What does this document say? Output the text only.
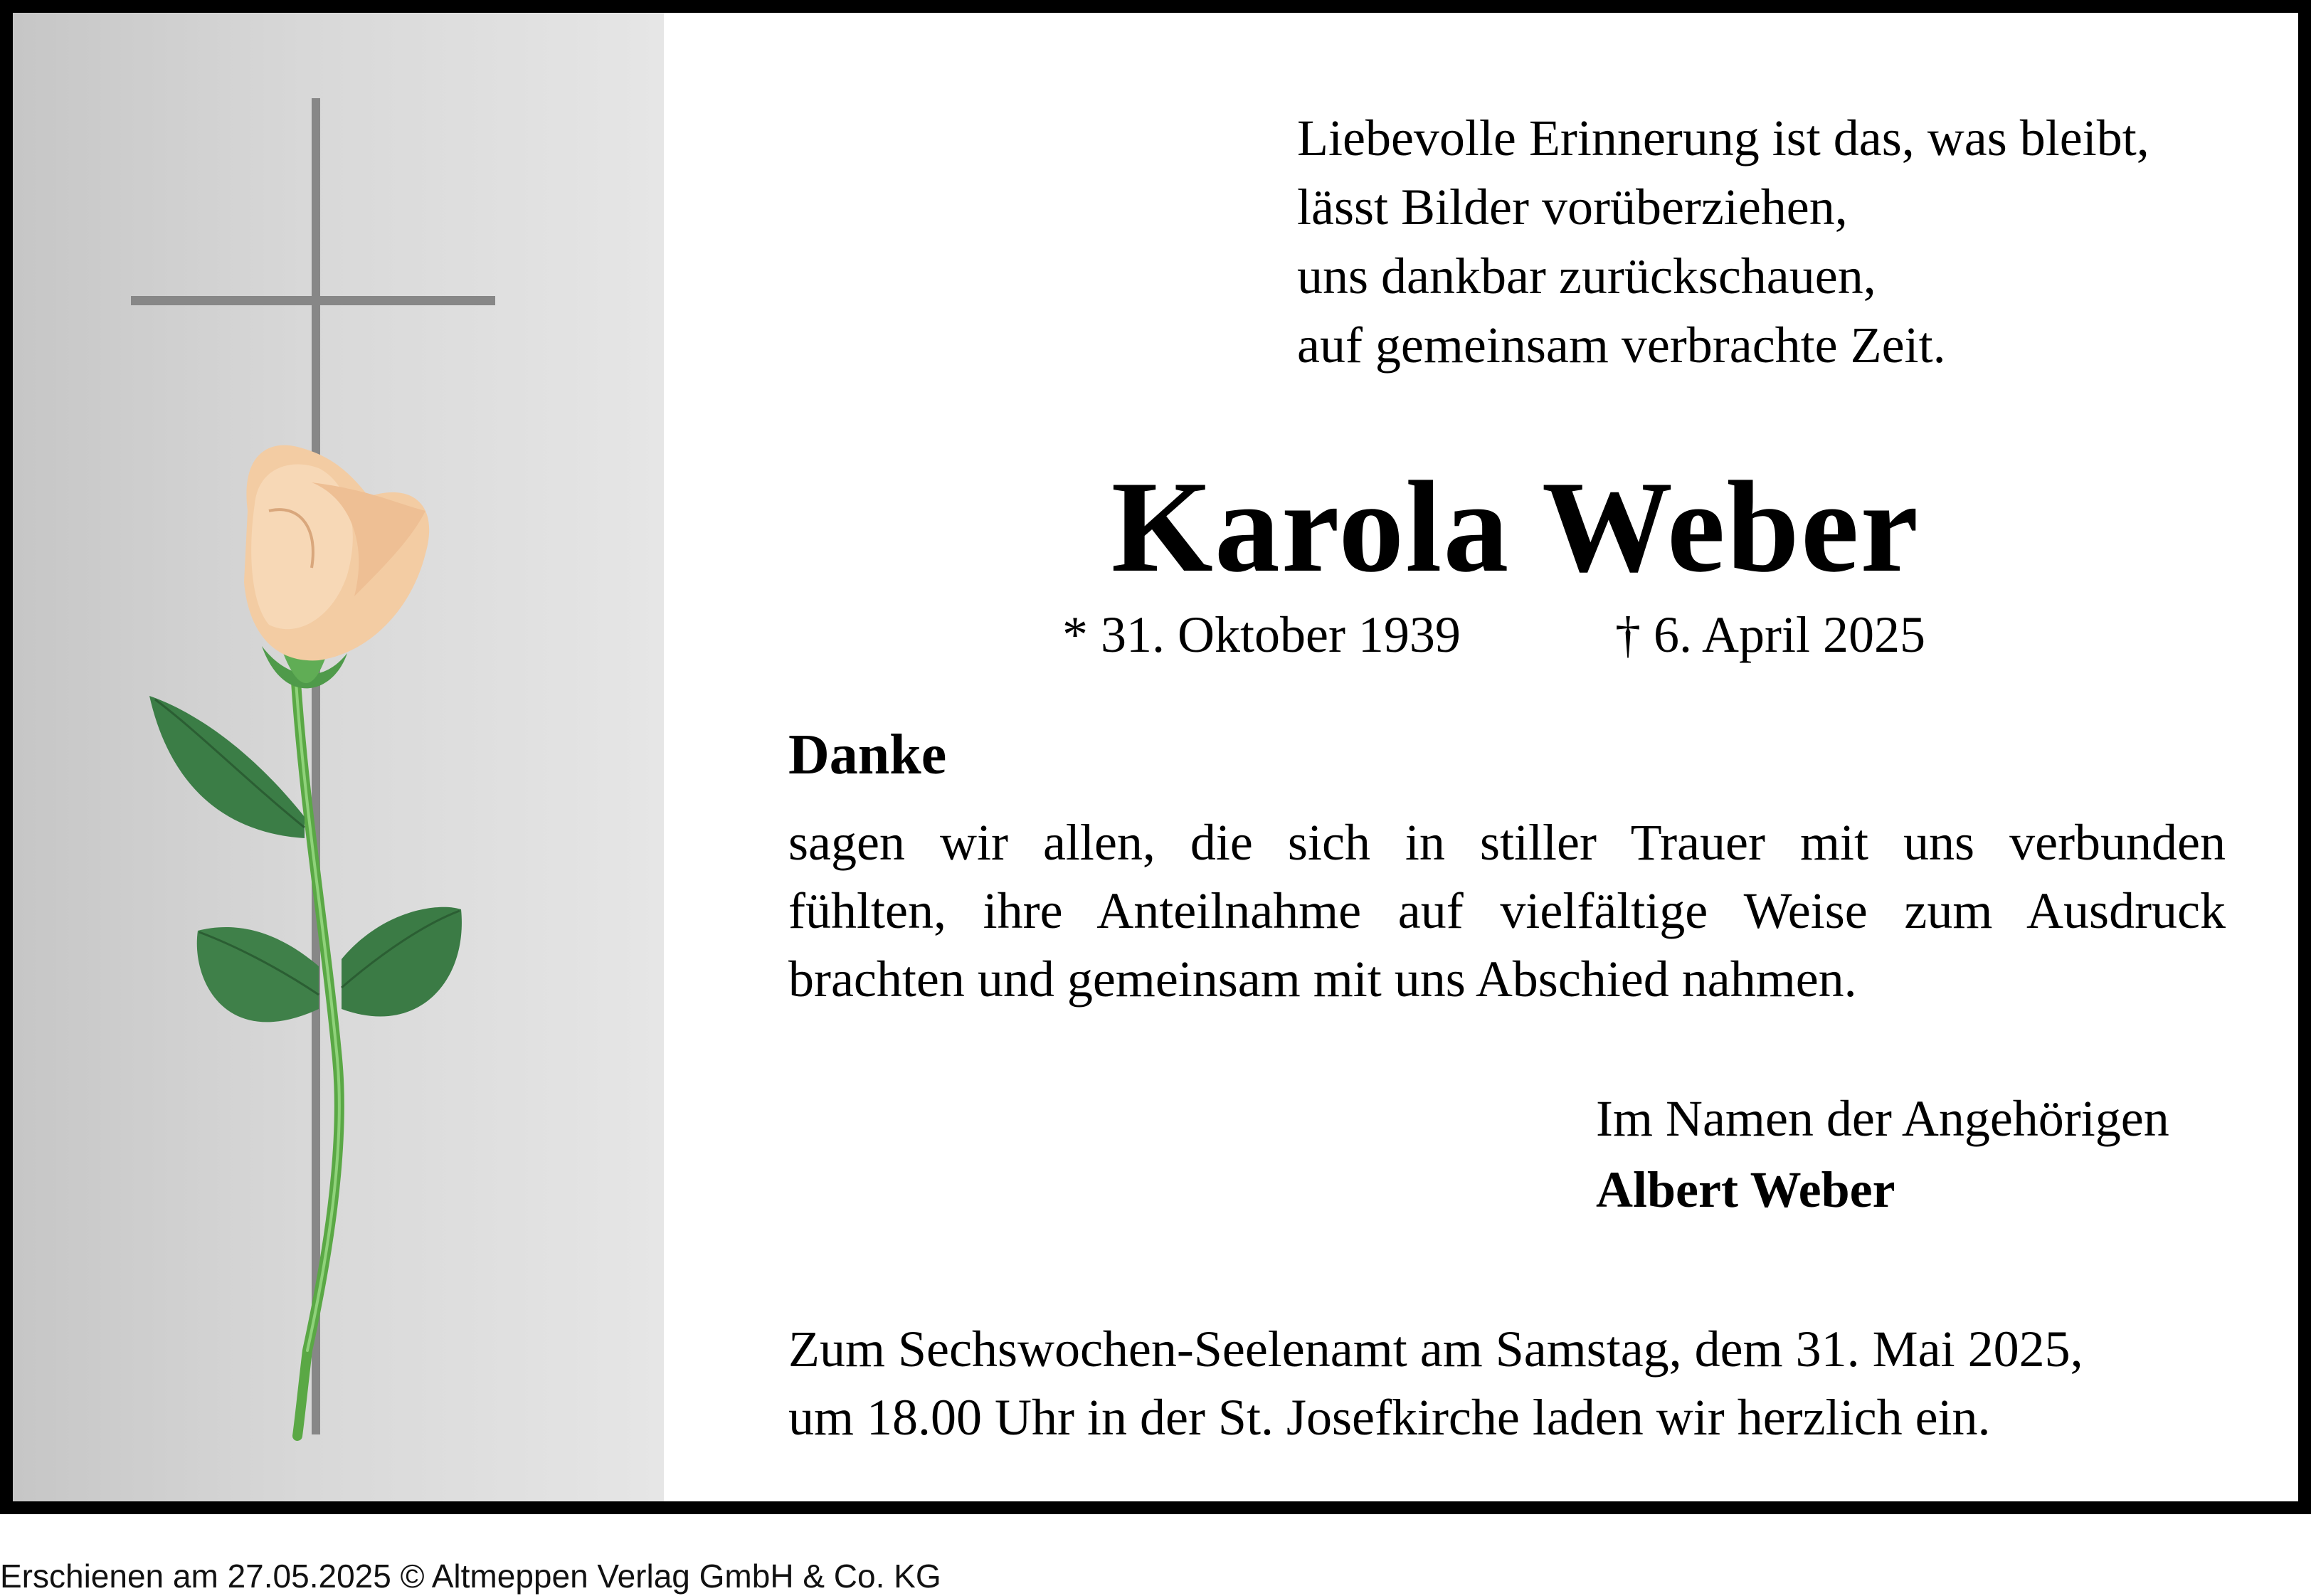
Liebevolle Erinnerung ist das, was bleibt,
lässt Bilder vorüberziehen,
uns dankbar zurückschauen,
auf gemeinsam verbrachte Zeit.
Karola Weber
* 31. Oktober 1939	† 6. April 2025
Danke
sagen wir allen, die sich in stiller Trauer mit uns verbunden
fühlten, ihre Anteilnahme auf vielfältige Weise zum Ausdruck
brachten und gemeinsam mit uns Abschied nahmen.
Im Namen der Angehörigen
Albert Weber
Zum Sechswochen-Seelenamt am Samstag, dem 31. Mai 2025,
um 18.00 Uhr in der St. Josefkirche laden wir herzlich ein.
Erschienen am 27.05.2025 © Altmeppen Verlag GmbH & Co. KG
